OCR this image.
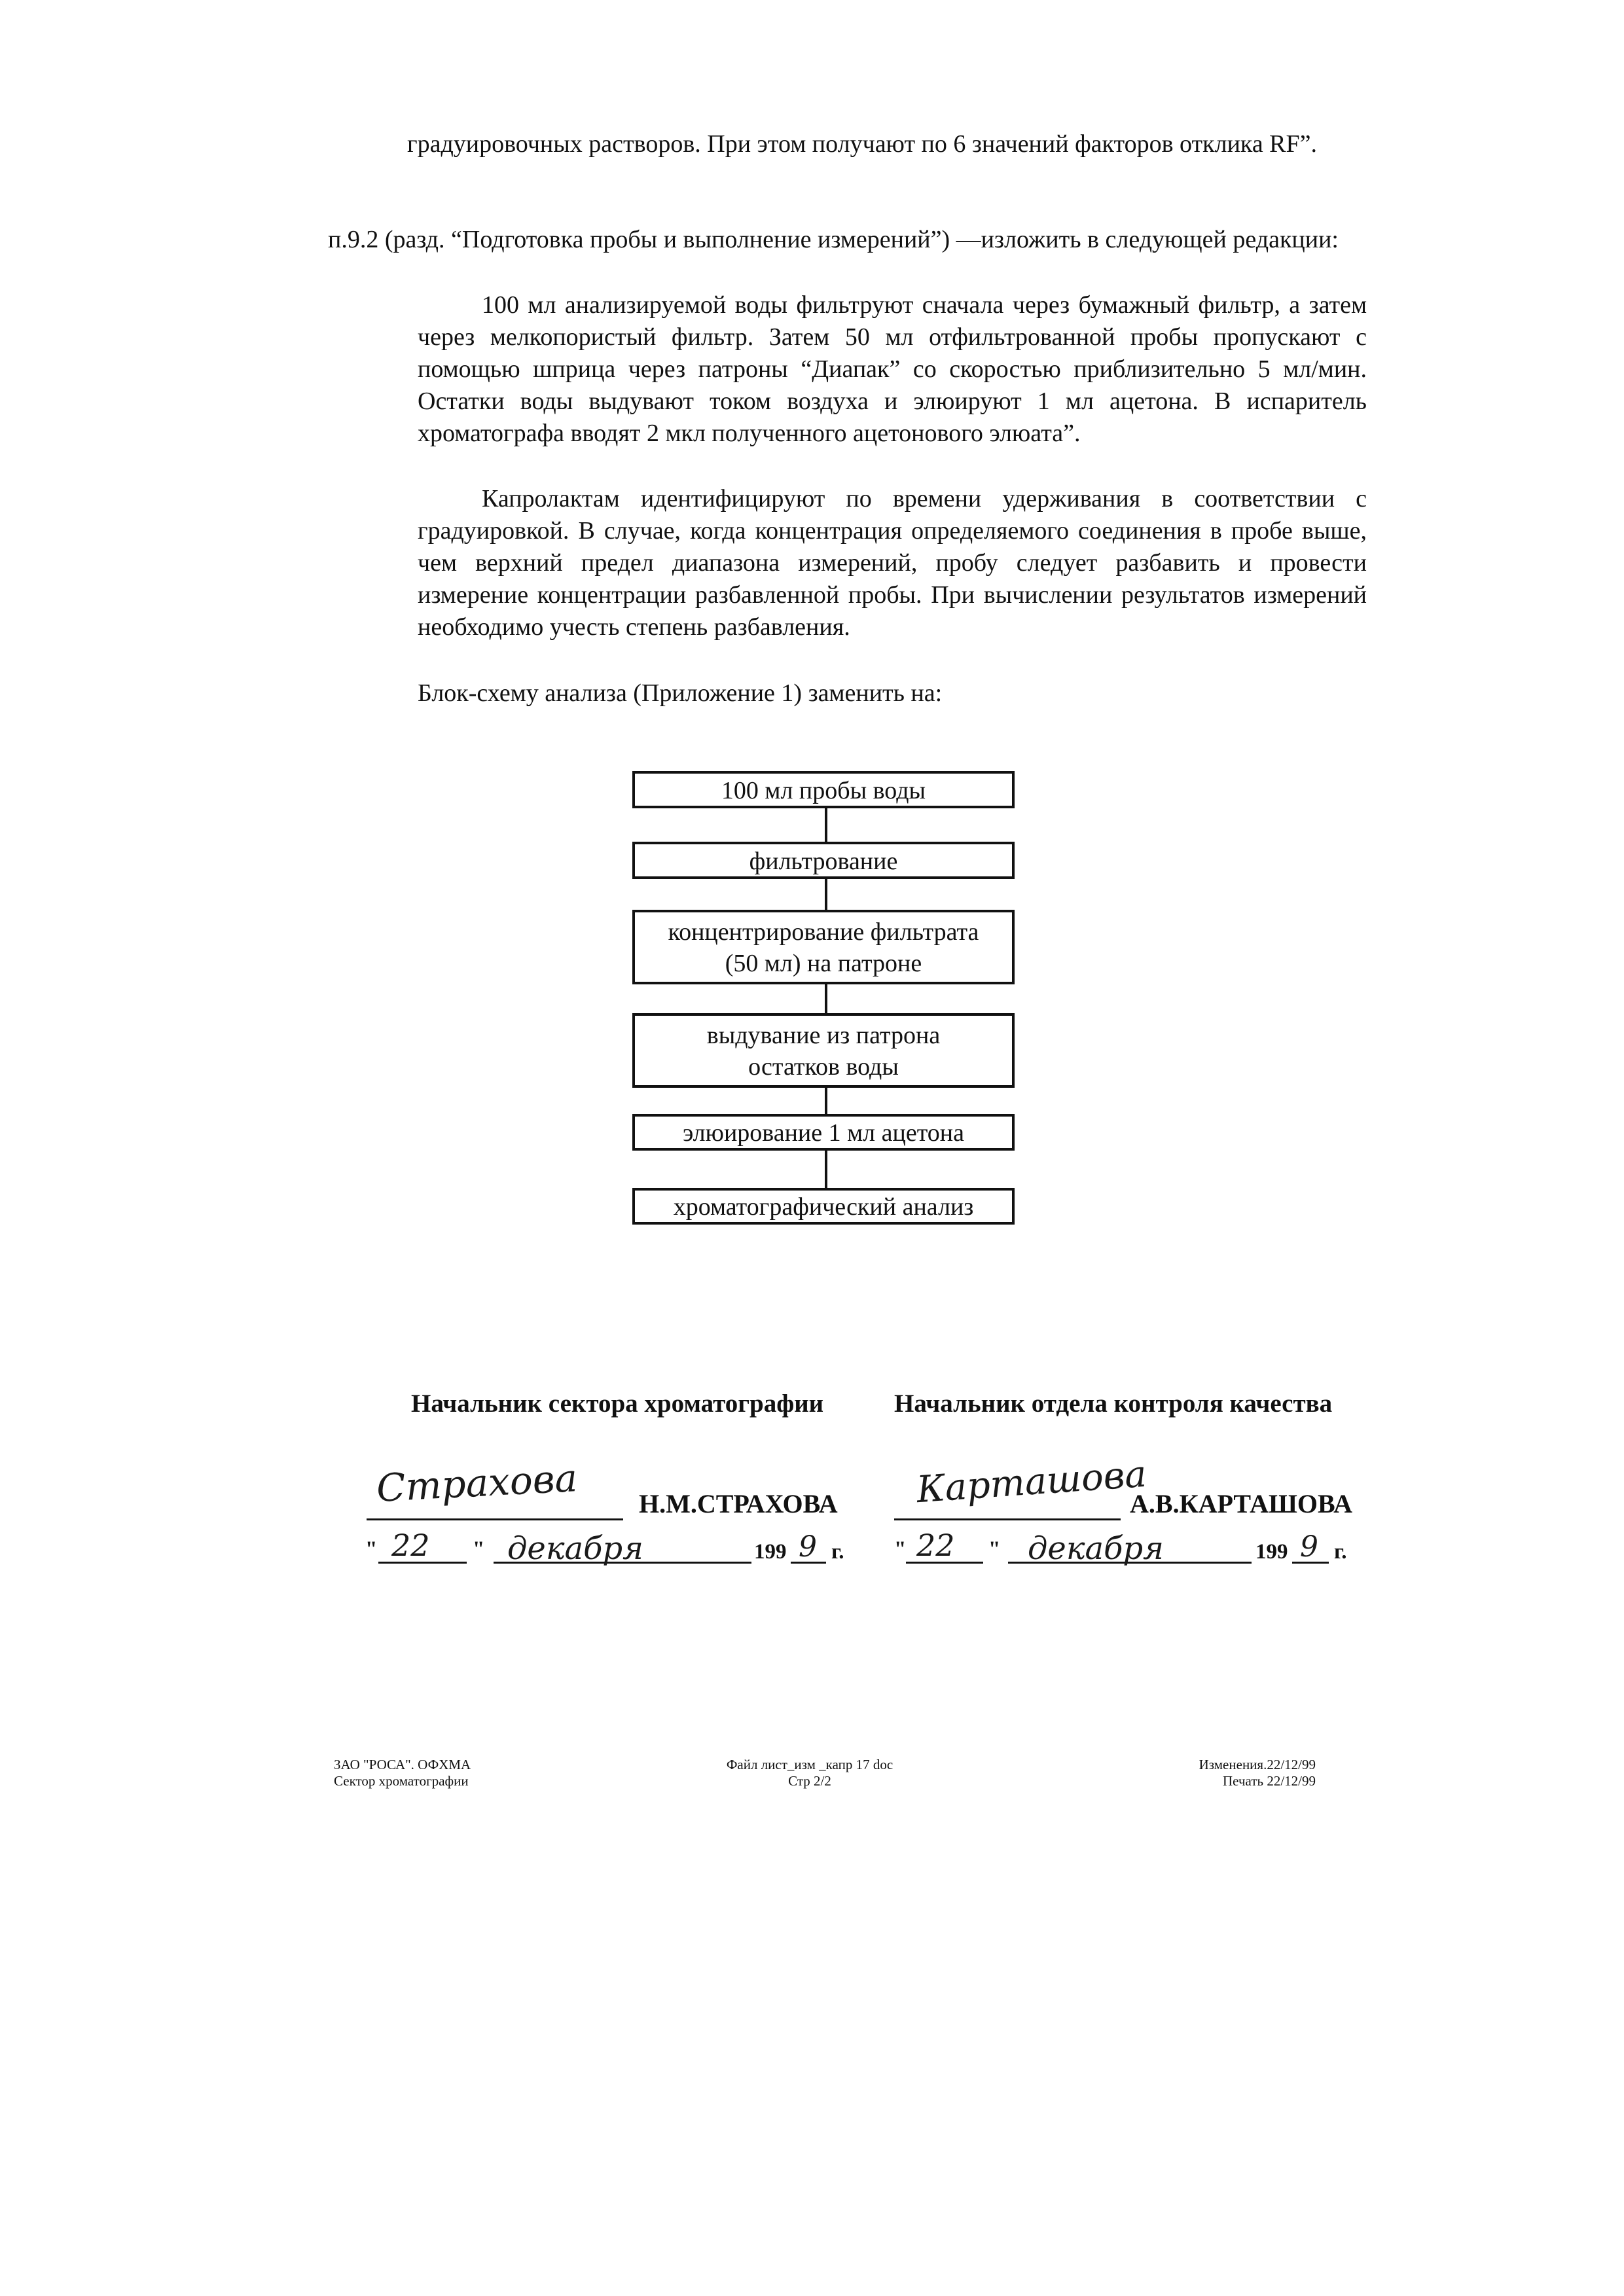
градуировочных растворов. При этом получают по 6 значений факторов отклика RF”.

п.9.2 (разд. “Подготовка пробы и выполнение измерений”) —изложить в следующей редакции:

100 мл анализируемой воды фильтруют сначала через бумажный фильтр, а затем через мелкопористый фильтр. Затем 50 мл отфильтрованной пробы пропускают с помощью шприца через патроны “Диапак” со скоростью приблизительно 5 мл/мин. Остатки воды выдувают током воздуха и элюируют 1 мл ацетона. В испаритель хроматографа вводят 2 мкл полученного ацетонового элюата”.

Капролактам идентифицируют по времени удерживания в соответствии с градуировкой. В случае, когда концентрация определяемого соединения в пробе выше, чем верхний предел диапазона измерений, пробу следует разбавить и провести измерение концентрации разбавленной пробы. При вычислении результатов измерений необходимо учесть степень разбавления.

Блок-схему анализа (Приложение 1) заменить на:

100 мл пробы воды
фильтрование
концентрирование фильтрата
(50 мл) на патроне
выдувание из патрона
остатков воды
элюирование 1 мл ацетона
хроматографический анализ
Начальник сектора хроматографии
Страхова Н.М.СТРАХОВА
" 22 " декабря	199 9 г.
Начальник отдела контроля качества
Карташова
А.В.КАРТАШОВА
" 22 " декабря	199 9 г.
ЗАО "РОСА". ОФХМА
Сектор хроматографии
Файл лист_изм _капр 17 doc
Стр 2/2
Изменения.22/12/99
Печать 22/12/99
